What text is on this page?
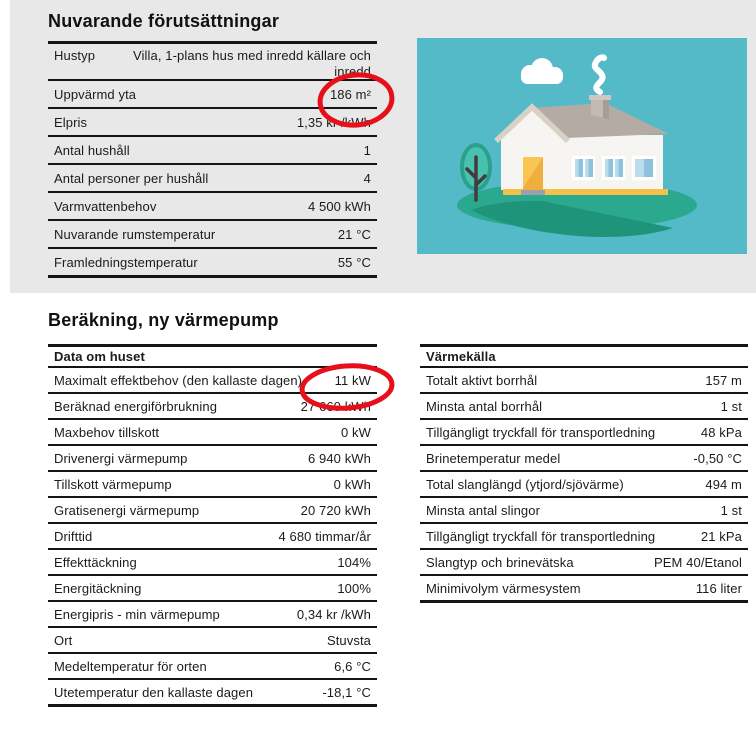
Nuvarande förutsättningar
Hustyp	Villa, 1-plans hus med inredd källare och inredd
Uppvärmd yta	186 m²
Elpris	1,35 kr /kWh
Antal hushåll	1
Antal personer per hushåll	4
Varmvattenbehov	4 500 kWh
Nuvarande rumstemperatur	21 °C
Framledningstemperatur	55 °C
Beräkning, ny värmepump
Data om huset
Maximalt effektbehov (den kallaste dagen) 11 kW
Beräknad energiförbrukning	27 660 kWh
Maxbehov tillskott	0 kW
Drivenergi värmepump	6 940 kWh
Tillskott värmepump	0 kWh
Gratisenergi värmepump	20 720 kWh
Drifttid	4 680 timmar/år
Effekttäckning	104%
Energitäckning	100%
Energipris - min värmepump	0,34 kr /kWh
Ort	Stuvsta
Medeltemperatur för orten	6,6 °C
Utetemperatur den kallaste dagen	-18,1 °C
Värmekälla
Totalt aktivt borrhål	157 m
Minsta antal borrhål	1 st
Tillgängligt tryckfall för transportledning	48 kPa
Brinetemperatur medel	-0,50 °C
Total slanglängd (ytjord/sjövärme)	494 m
Minsta antal slingor	1 st
Tillgängligt tryckfall för transportledning	21 kPa
Slangtyp och brinevätska	PEM 40/Etanol
Minimivolym värmesystem	116 liter
